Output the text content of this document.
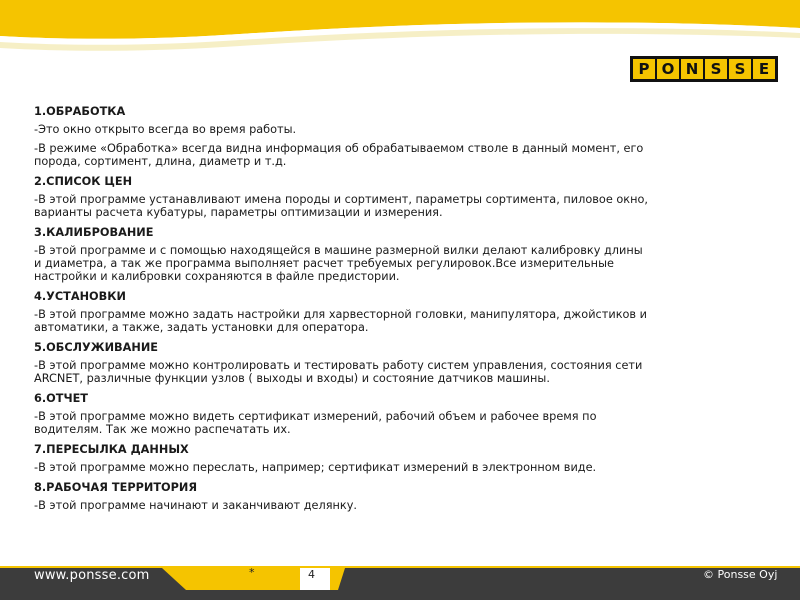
P O N S S E
1.ОБРАБОТКА
-Это окно открыто всегда во время работы.
-В режиме «Обработка» всегда видна информация об обрабатываемом стволе в данный момент, его
порода, сортимент, длина, диаметр и т.д.
2.СПИСОК ЦЕН
-В этой программе устанавливают имена породы и сортимент, параметры сортимента, пиловое окно,
варианты расчета кубатуры, параметры оптимизации и измерения.
3.КАЛИБРОВАНИЕ
-В этой программе и с помощью находящейся в машине размерной вилки делают калибровку длины
и диаметра, а так же программа выполняет расчет требуемых регулировок.Все измерительные
настройки и калибровки сохраняются в файле предистории.
4.УСТАНОВКИ
-В этой программе можно задать настройки для харвесторной головки, манипулятора, джойстиков и
автоматики, а также, задать установки для оператора.
5.ОБСЛУЖИВАНИЕ
-В этой программе можно контролировать и тестировать работу систем управления, состояния сети
ARCNET, различные функции узлов ( выходы и входы) и состояние датчиков машины.
6.ОТЧЕТ
-В этой программе можно видеть сертификат измерений, рабочий объем и рабочее время по
водителям. Так же можно распечатать их.
7.ПЕРЕСЫЛКА ДАННЫХ
-В этой программе можно переслать, например; сертификат измерений в электронном виде.
8.РАБОЧАЯ ТЕРРИТОРИЯ
-В этой программе начинают и заканчивают делянку.
www.ponsse.com	*	4	© Ponsse Oyj
